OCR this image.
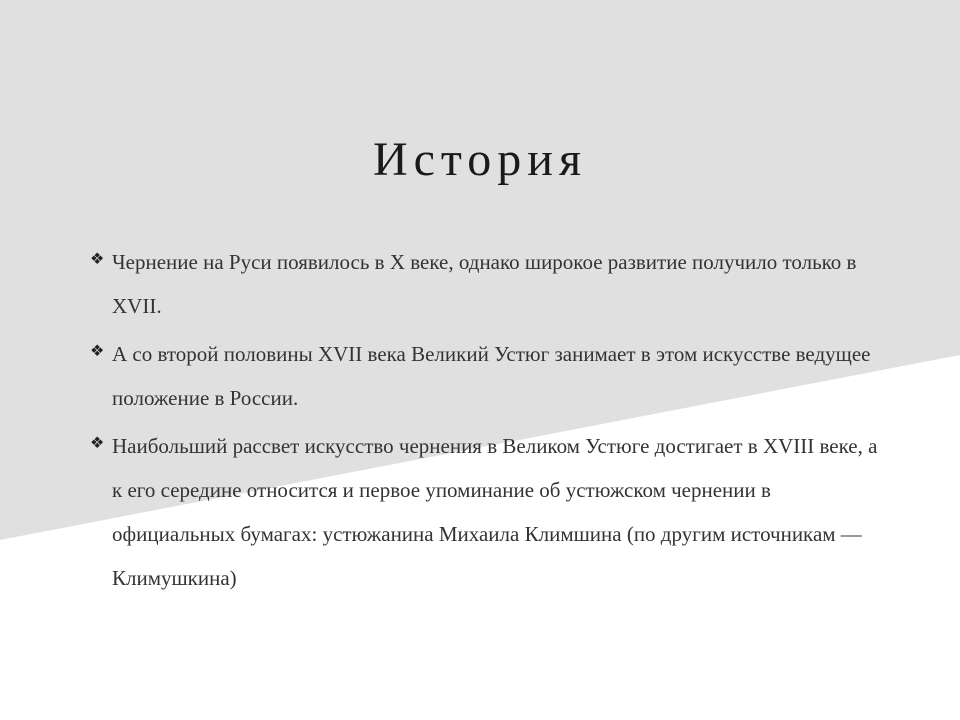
История
❖ Чернение на Руси появилось в X веке, однако широкое развитие получило только в XVII.
❖ А со второй половины XVII века Великий Устюг занимает в этом искусстве ведущее положение в России.
❖ Наибольший рассвет искусство чернения в Великом Устюге достигает в XVIII веке, а к его середине относится и первое упоминание об устюжском чернении в официальных бумагах: устюжанина Михаила Климшина (по другим источникам — Климушкина)
